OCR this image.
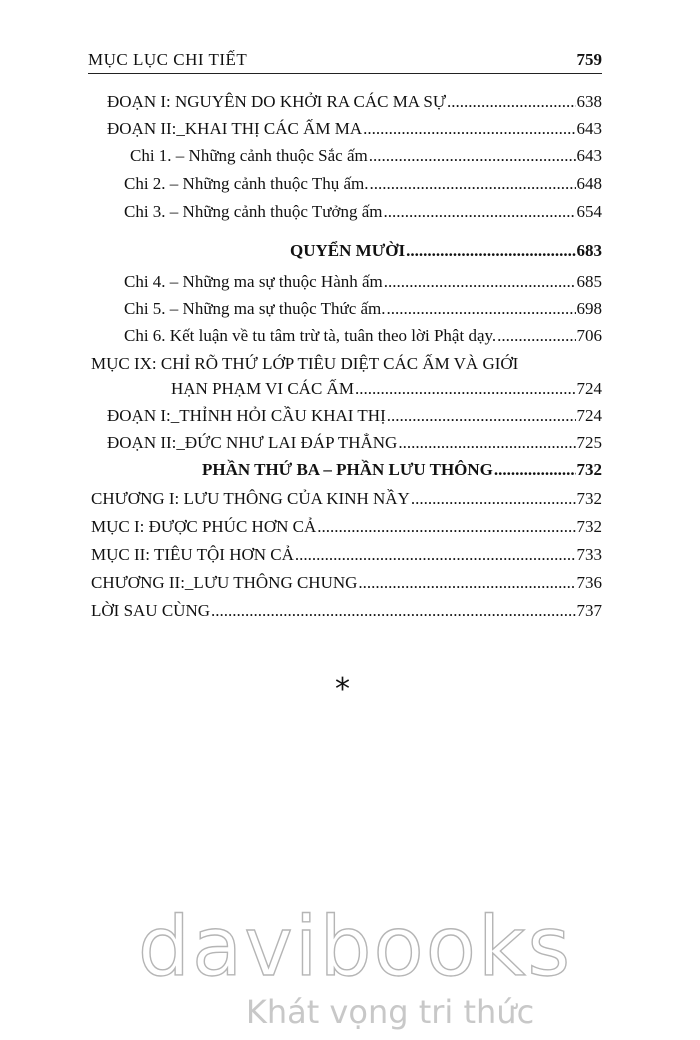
MỤC LỤC CHI TIẾT	759
ĐOẠN I: NGUYÊN DO KHỞI RA CÁC MA SỰ .....	638
ĐOẠN II:_KHAI THỊ CÁC ẤM MA .....	643
Chi 1. – Những cảnh thuộc Sắc ấm .....	643
Chi 2. – Những cảnh thuộc Thụ ấm. .....	648
Chi 3. – Những cảnh thuộc Tưởng ấm .....	654
QUYỂN MƯỜI .....	683
Chi 4. – Những ma sự thuộc Hành ấm .....	685
Chi 5. – Những ma sự thuộc Thức ấm. .....	698
Chi 6. Kết luận về tu tâm trừ tà, tuân theo lời Phật dạy. .....	706
MỤC IX: CHỈ RÕ THỨ LỚP TIÊU DIỆT CÁC ẤM VÀ GIỚI
HẠN PHẠM VI CÁC ẤM .....	724
ĐOẠN I:_THỈNH HỎI CẦU KHAI THỊ .....	724
ĐOẠN II:_ĐỨC NHƯ LAI ĐÁP THẲNG .....	725
PHẦN THỨ BA – PHẦN LƯU THÔNG .....	732
CHƯƠNG I: LƯU THÔNG CỦA KINH NẦY .....	732
MỤC I: ĐƯỢC PHÚC HƠN CẢ .....	732
MỤC II: TIÊU TỘI HƠN CẢ .....	733
CHƯƠNG II:_LƯU THÔNG CHUNG .....	736
LỜI SAU CÙNG .....	737
*
davibooks
Khát vọng tri thức
